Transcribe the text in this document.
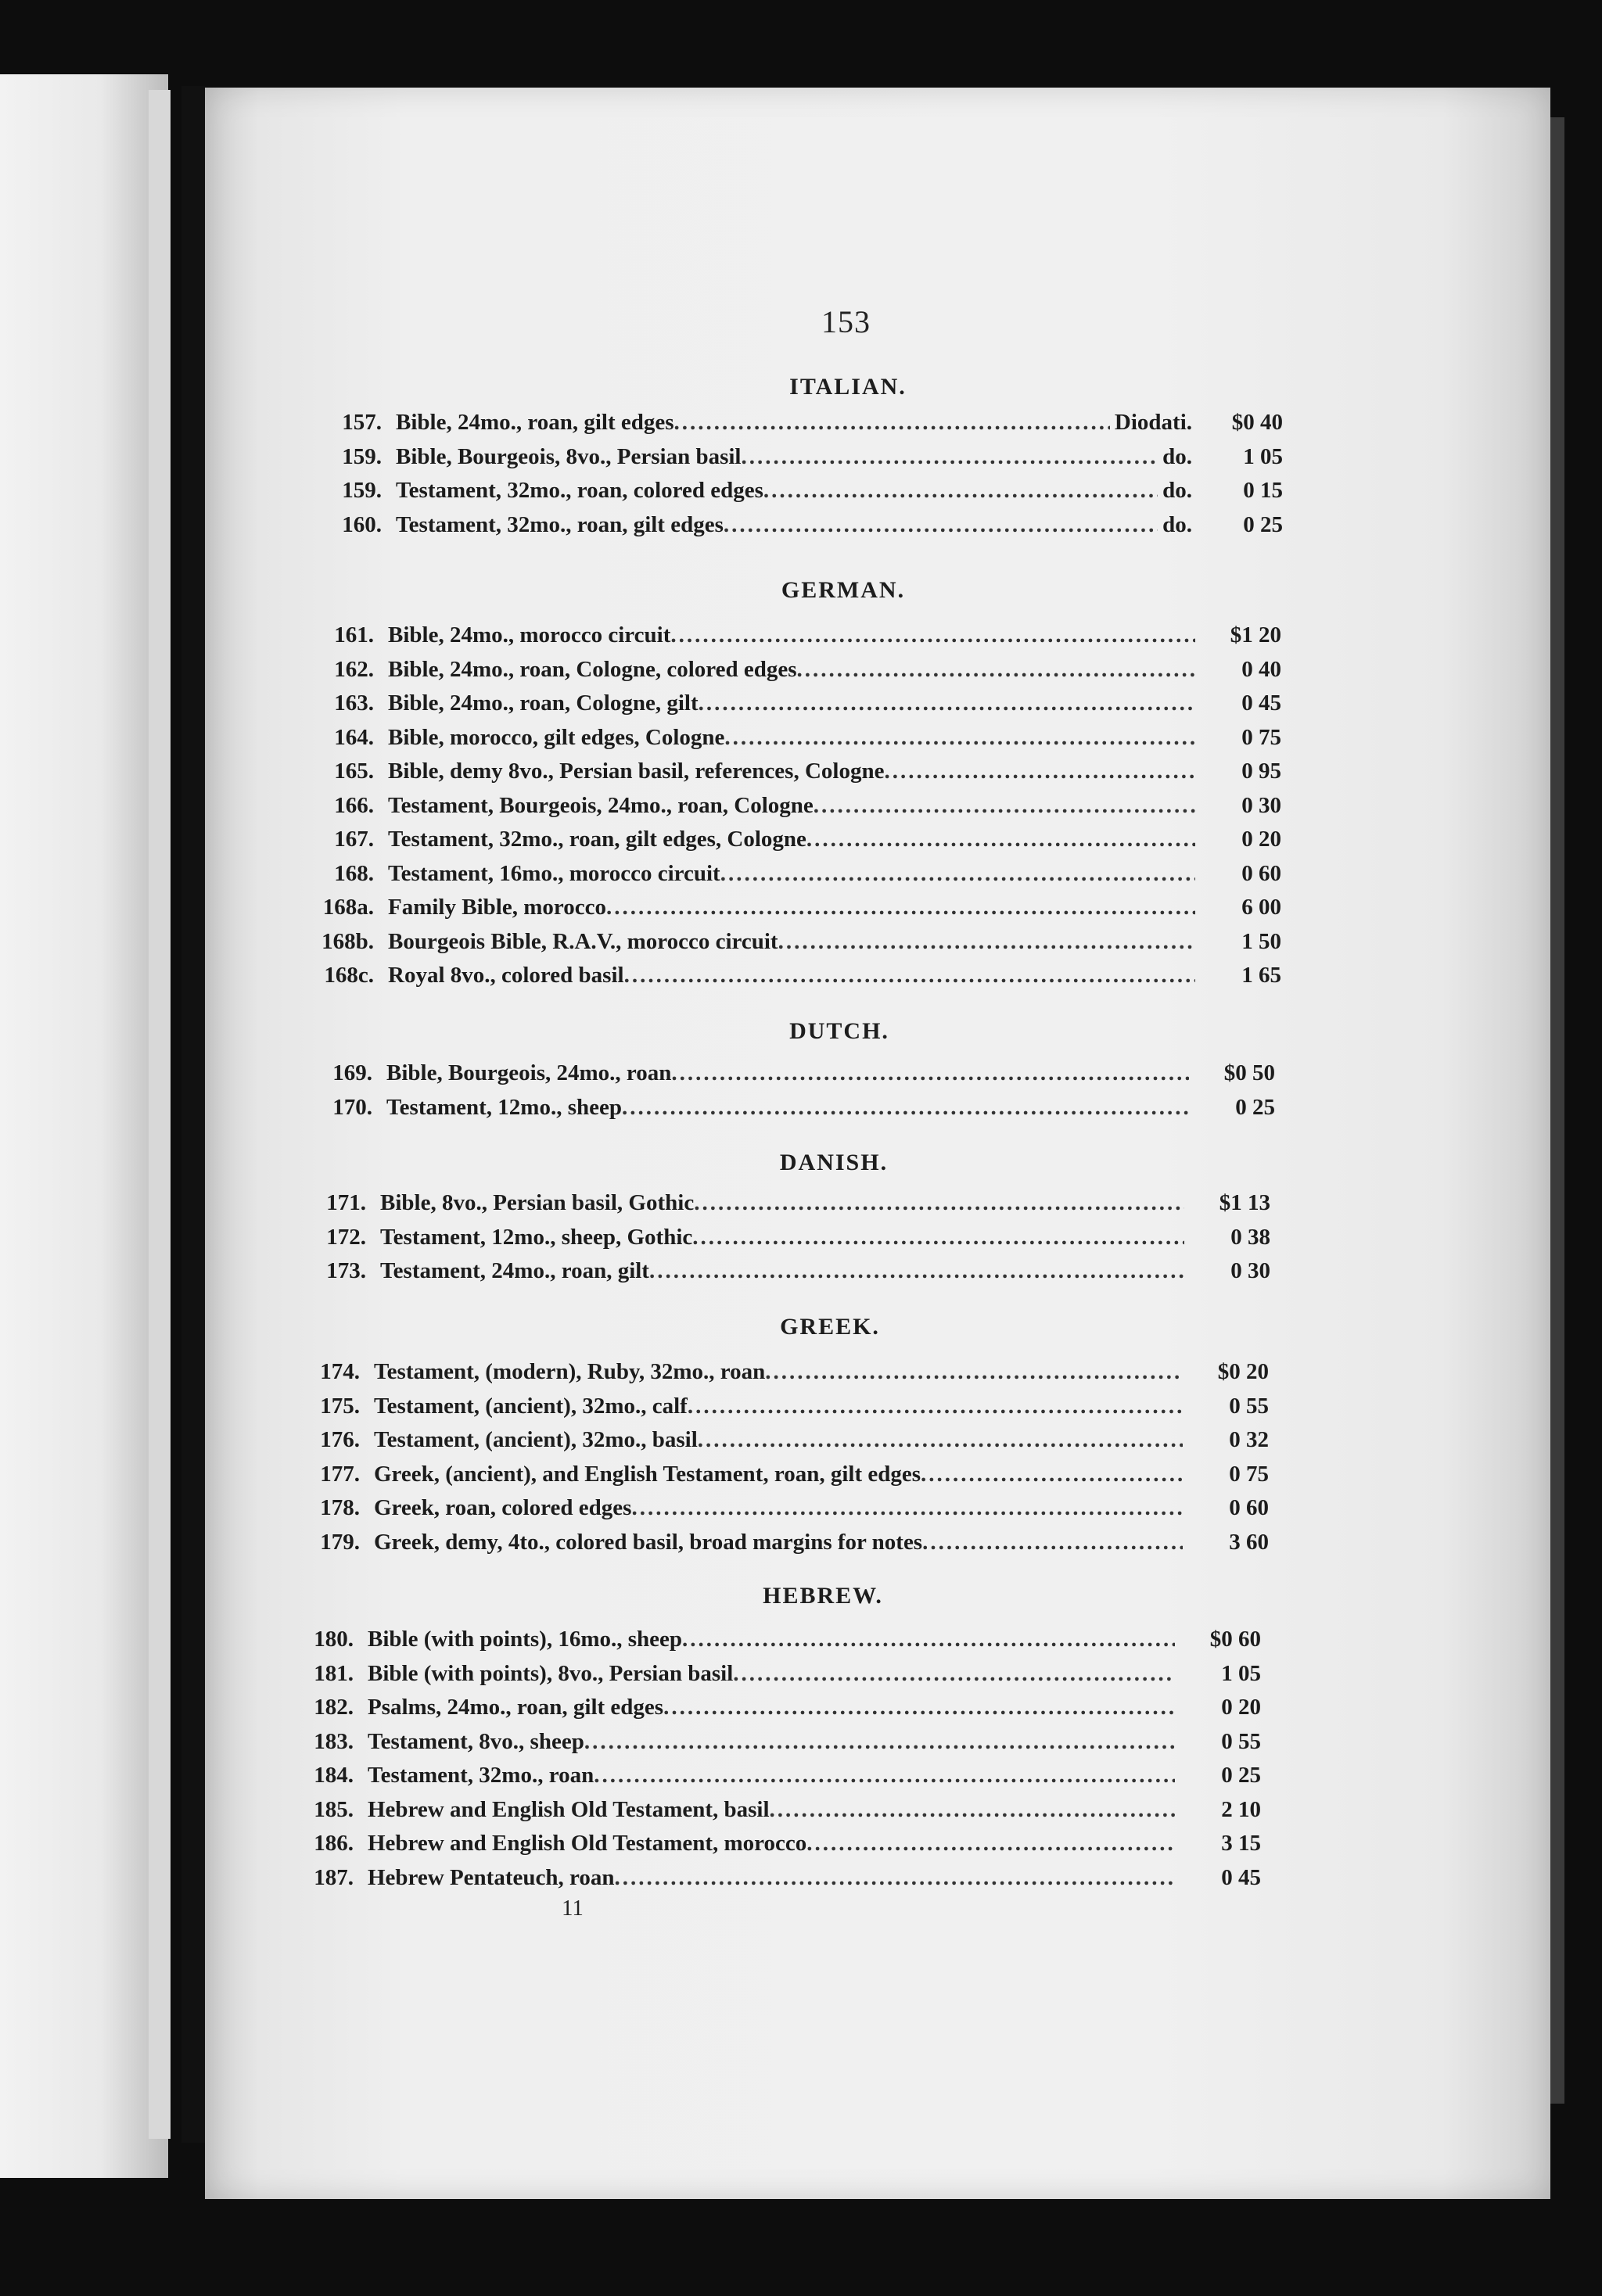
153
ITALIAN.
157. Bible, 24mo., roan, gilt edges .....	Diodati.	$0 40
159. Bible, Bourgeois, 8vo., Persian basil .....	do.	1 05
159. Testament, 32mo., roan, colored edges .....	do.	0 15
160. Testament, 32mo., roan, gilt edges .....	do.	0 25
GERMAN.
161. Bible, 24mo., morocco circuit .....	$1 20
162. Bible, 24mo., roan, Cologne, colored edges .....	0 40
163. Bible, 24mo., roan, Cologne, gilt .....	0 45
164. Bible, morocco, gilt edges, Cologne .....	0 75
165. Bible, demy 8vo., Persian basil, references, Cologne .....	0 95
166. Testament, Bourgeois, 24mo., roan, Cologne .....	0 30
167. Testament, 32mo., roan, gilt edges, Cologne .....	0 20
168. Testament, 16mo., morocco circuit .....	0 60
168a. Family Bible, morocco .....	6 00
168b. Bourgeois Bible, R.A.V., morocco circuit .....	1 50
168c. Royal 8vo., colored basil .....	1 65
DUTCH.
169. Bible, Bourgeois, 24mo., roan .....	$0 50
170. Testament, 12mo., sheep .....	0 25
DANISH.
171. Bible, 8vo., Persian basil, Gothic .....	$1 13
172. Testament, 12mo., sheep, Gothic .....	0 38
173. Testament, 24mo., roan, gilt .....	0 30
GREEK.
174. Testament, (modern), Ruby, 32mo., roan .....	$0 20
175. Testament, (ancient), 32mo., calf .....	0 55
176. Testament, (ancient), 32mo., basil .....	0 32
177. Greek, (ancient), and English Testament, roan, gilt edges .....	0 75
178. Greek, roan, colored edges .....	0 60
179. Greek, demy, 4to., colored basil, broad margins for notes .....	3 60
HEBREW.
180. Bible (with points), 16mo., sheep .....	$0 60
181. Bible (with points), 8vo., Persian basil .....	1 05
182. Psalms, 24mo., roan, gilt edges .....	0 20
183. Testament, 8vo., sheep .....	0 55
184. Testament, 32mo., roan .....	0 25
185. Hebrew and English Old Testament, basil .....	2 10
186. Hebrew and English Old Testament, morocco .....	3 15
187. Hebrew Pentateuch, roan .....	0 45
11
